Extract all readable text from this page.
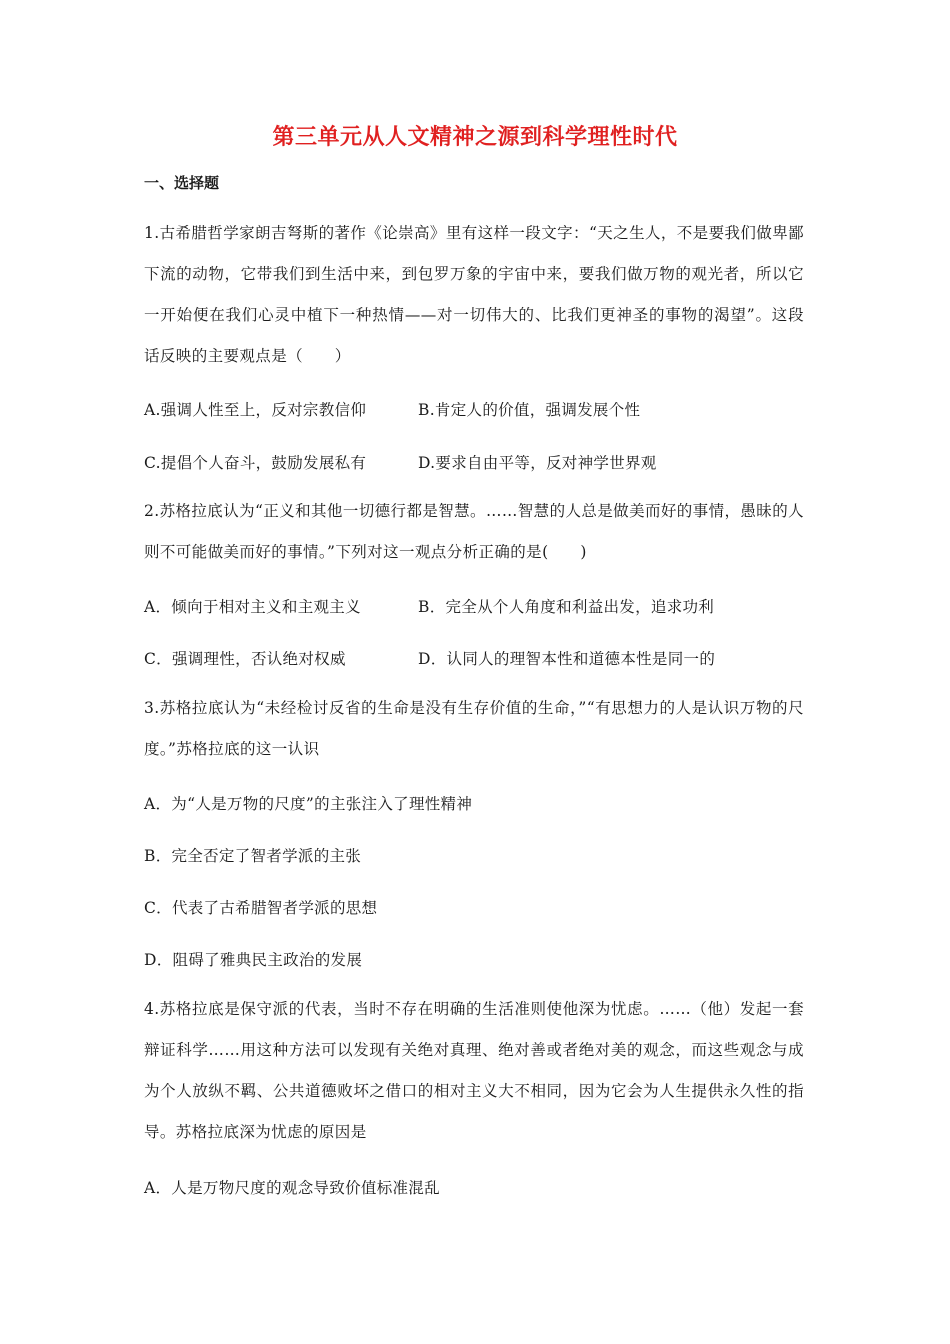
第三单元从人文精神之源到科学理性时代
一、选择题
1.古希腊哲学家朗吉弩斯的著作《论崇高》里有这样一段文字：“天之生人，不是要我们做卑鄙下流的动物，它带我们到生活中来，到包罗万象的宇宙中来，要我们做万物的观光者，所以它一开始便在我们心灵中植下一种热情——对一切伟大的、比我们更神圣的事物的渴望”。这段话反映的主要观点是（　　）
A.强调人性至上，反对宗教信仰	B.肯定人的价值，强调发展个性
C.提倡个人奋斗，鼓励发展私有	D.要求自由平等，反对神学世界观
2.苏格拉底认为“正义和其他一切德行都是智慧。……智慧的人总是做美而好的事情，愚昧的人则不可能做美而好的事情。”下列对这一观点分析正确的是(　　)
A．倾向于相对主义和主观主义	B．完全从个人角度和利益出发，追求功利
C．强调理性，否认绝对权威	D．认同人的理智本性和道德本性是同一的
3.苏格拉底认为“未经检讨反省的生命是没有生存价值的生命，”“有思想力的人是认识万物的尺度。”苏格拉底的这一认识
A．为“人是万物的尺度”的主张注入了理性精神
B．完全否定了智者学派的主张
C．代表了古希腊智者学派的思想
D．阻碍了雅典民主政治的发展
4.苏格拉底是保守派的代表，当时不存在明确的生活准则使他深为忧虑。……（他）发起一套辩证科学……用这种方法可以发现有关绝对真理、绝对善或者绝对美的观念，而这些观念与成为个人放纵不羁、公共道德败坏之借口的相对主义大不相同，因为它会为人生提供永久性的指导。苏格拉底深为忧虑的原因是
A．人是万物尺度的观念导致价值标准混乱
